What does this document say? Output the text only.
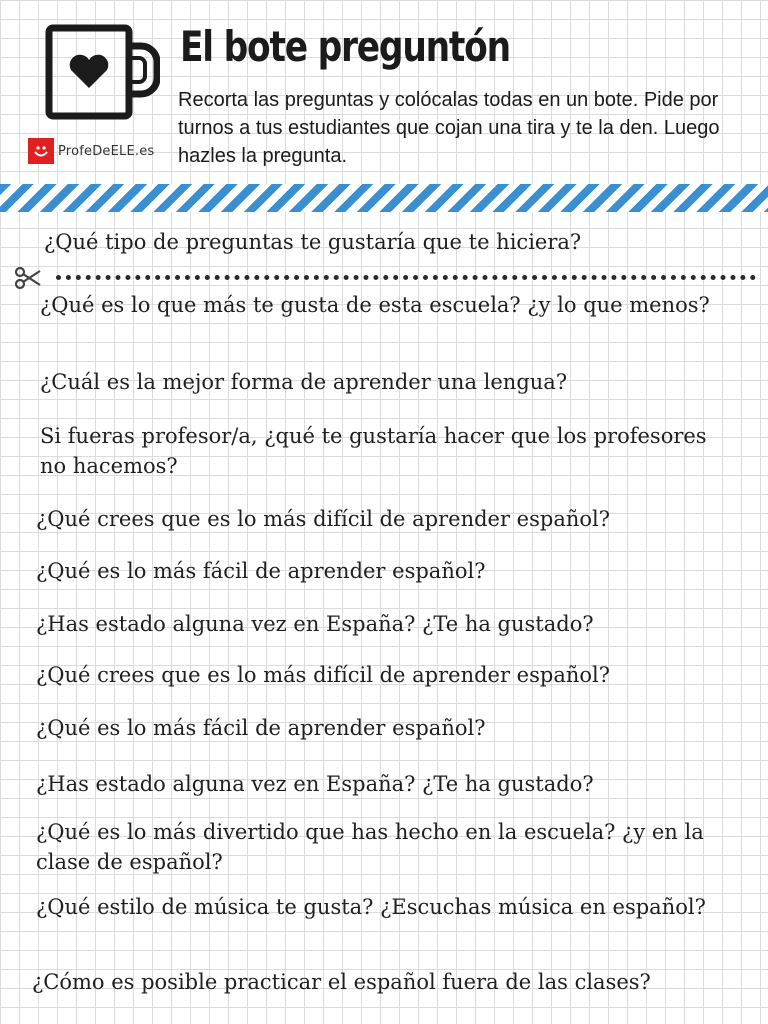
ProfeDeELE.es
El bote preguntón

Recorta las preguntas y colócalas todas en un bote. Pide por turnos a tus estudiantes que cojan una tira y te la den. Luego hazles la pregunta.

¿Qué tipo de preguntas te gustaría que te hiciera?

¿Qué es lo que más te gusta de esta escuela? ¿y lo que menos?

¿Cuál es la mejor forma de aprender una lengua?

Si fueras profesor/a, ¿qué te gustaría hacer que los profesores no hacemos?

¿Qué crees que es lo más difícil de aprender español?

¿Qué es lo más fácil de aprender español?

¿Has estado alguna vez en España? ¿Te ha gustado?

¿Qué crees que es lo más difícil de aprender español?

¿Qué es lo más fácil de aprender español?

¿Has estado alguna vez en España? ¿Te ha gustado?

¿Qué es lo más divertido que has hecho en la escuela? ¿y en la clase de español?

¿Qué estilo de música te gusta? ¿Escuchas música en español?

¿Cómo es posible practicar el español fuera de las clases?
